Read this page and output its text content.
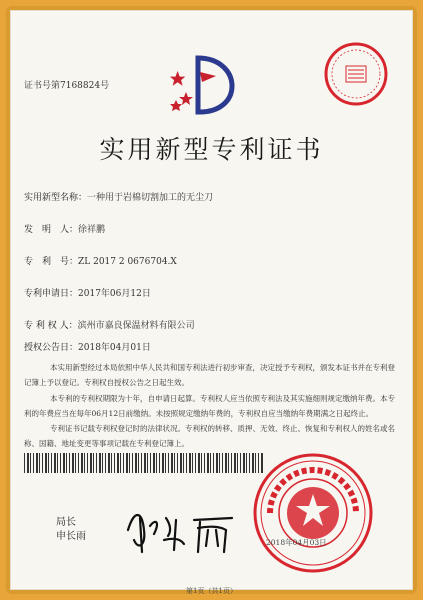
证书号第7168824号
实用新型专利证书
实用新型名称：一种用于岩棉切割加工的无尘刀
发　明　人：徐祥鹏
专　利　号：ZL 2017 2 0676704.X
专利申请日：2017年06月12日
专 利 权 人：滨州市嘉良保温材料有限公司
授权公告日：2018年04月01日
本实用新型经过本局依照中华人民共和国专利法进行初步审查，决定授予专利权，颁发本证书并在专利登记簿上予以登记。专利权自授权公告之日起生效。
本专利的专利权期限为十年，自申请日起算。专利权人应当依照专利法及其实施细则规定缴纳年费。本专利的年费应当在每年06月12日前缴纳。未按照规定缴纳年费的，专利权自应当缴纳年费期满之日起终止。
专利证书记载专利权登记时的法律状况。专利权的转移、质押、无效、终止、恢复和专利权人的姓名或名称、国籍、地址变更等事项记载在专利登记簿上。
局长
申长雨
2018年04月03日
第1页（共1页）
